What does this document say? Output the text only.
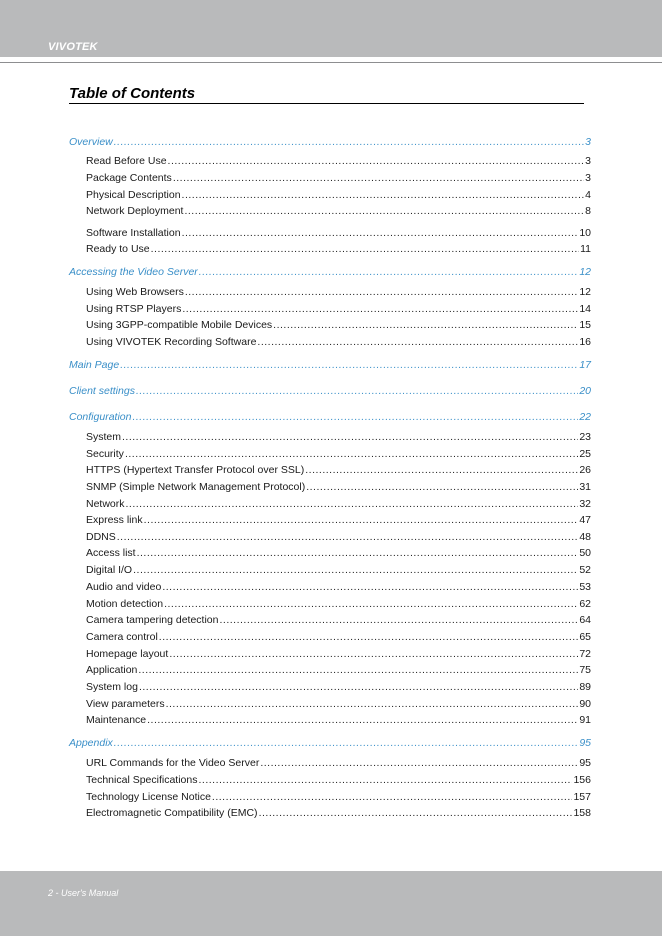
VIVOTEK
Table of Contents
Overview .....	3
Read Before Use .....	3
Package Contents .....	3
Physical Description .....	4
Network Deployment .....	8
Software Installation .....	10
Ready to Use .....	11
Accessing the Video Server .....	12
Using Web Browsers .....	12
Using RTSP Players .....	14
Using 3GPP-compatible Mobile Devices .....	15
Using VIVOTEK Recording Software .....	16
Main Page .....	17
Client settings .....	20
Configuration .....	22
System .....	23
Security .....	25
HTTPS (Hypertext Transfer Protocol over SSL) .....	26
SNMP (Simple Network Management Protocol) .....	31
Network .....	32
Express link .....	47
DDNS .....	48
Access list .....	50
Digital I/O .....	52
Audio and video .....	53
Motion detection .....	62
Camera tampering detection .....	64
Camera control .....	65
Homepage layout .....	72
Application .....	75
System log .....	89
View parameters .....	90
Maintenance .....	91
Appendix .....	95
URL Commands for the Video Server .....	95
Technical Specifications .....	156
Technology License Notice .....	157
Electromagnetic Compatibility (EMC) .....	158
2 - User's Manual
